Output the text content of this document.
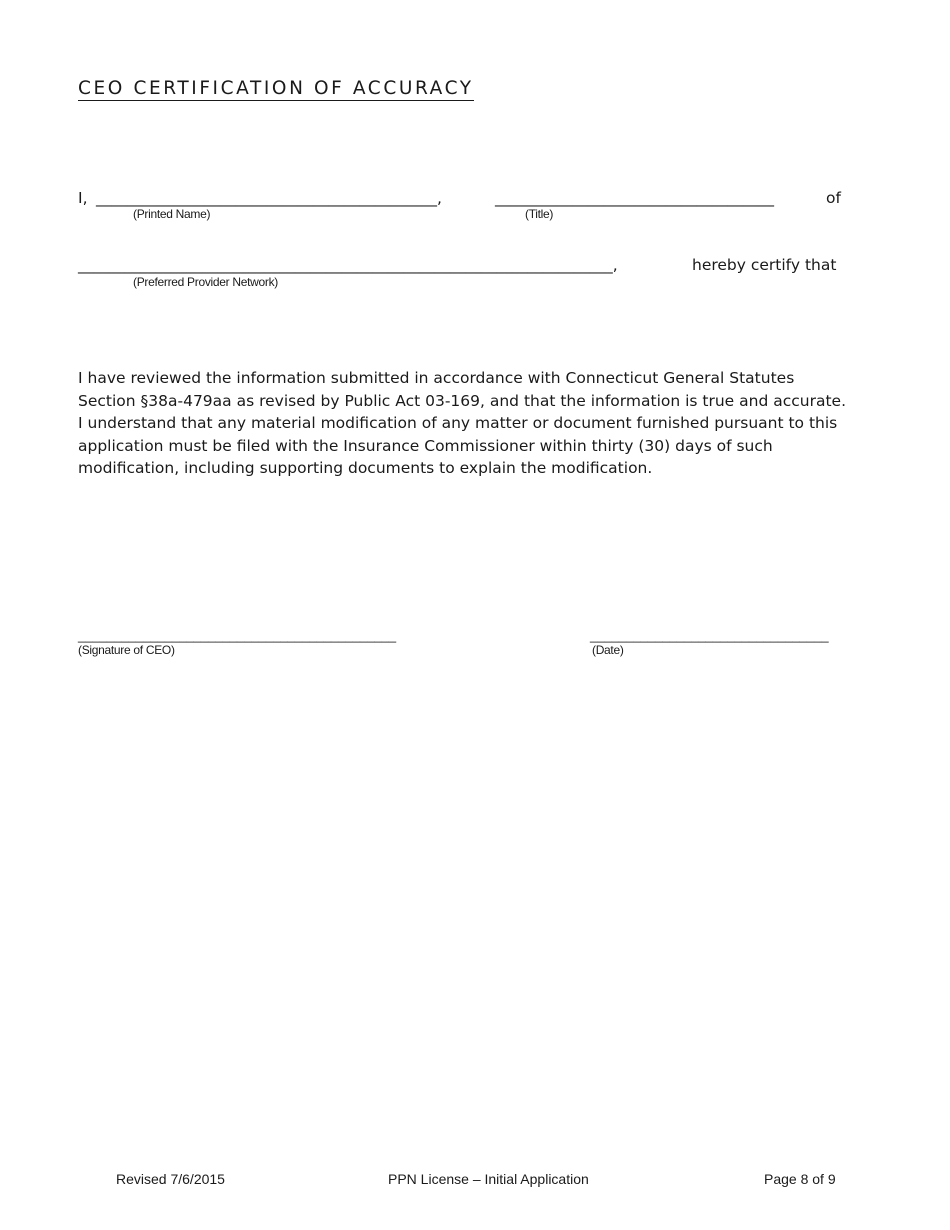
CEO CERTIFICATION OF ACCURACY
I, ____________________________________________,	____________________________________	of
(Printed Name)	(Title)
_____________________________________________________________________,	hereby certify that
(Preferred Provider Network)
I have reviewed the information submitted in accordance with Connecticut General Statutes
Section §38a-479aa as revised by Public Act 03-169, and that the information is true and accurate.
I understand that any material modification of any matter or document furnished pursuant to this
application must be filed with the Insurance Commissioner within thirty (30) days of such
modification, including supporting documents to explain the modification.
____________________________________________
(Signature of CEO)
_________________________________
(Date)
Revised 7/6/2015	PPN License – Initial Application	Page 8 of 9
